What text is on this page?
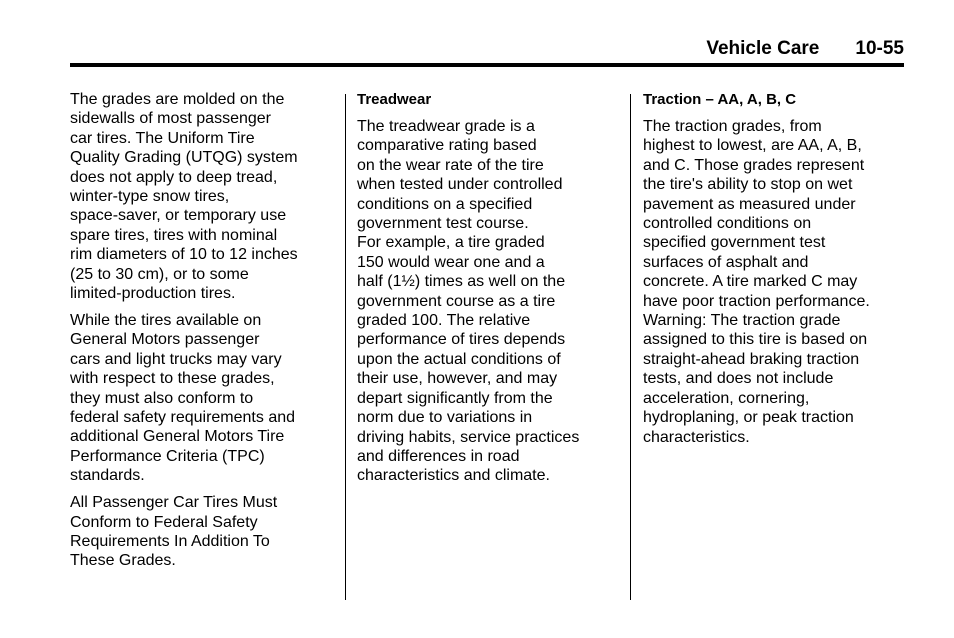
Vehicle Care 10-55

The grades are molded on the
sidewalls of most passenger
car tires. The Uniform Tire
Quality Grading (UTQG) system
does not apply to deep tread,
winter-type snow tires,
space-saver, or temporary use
spare tires, tires with nominal
rim diameters of 10 to 12 inches
(25 to 30 cm), or to some
limited-production tires.

While the tires available on
General Motors passenger
cars and light trucks may vary
with respect to these grades,
they must also conform to
federal safety requirements and
additional General Motors Tire
Performance Criteria (TPC)
standards.

All Passenger Car Tires Must
Conform to Federal Safety
Requirements In Addition To
These Grades.

Treadwear

The treadwear grade is a
comparative rating based
on the wear rate of the tire
when tested under controlled
conditions on a specified
government test course.
For example, a tire graded
150 would wear one and a
half (1½) times as well on the
government course as a tire
graded 100. The relative
performance of tires depends
upon the actual conditions of
their use, however, and may
depart significantly from the
norm due to variations in
driving habits, service practices
and differences in road
characteristics and climate.

Traction – AA, A, B, C

The traction grades, from
highest to lowest, are AA, A, B,
and C. Those grades represent
the tire's ability to stop on wet
pavement as measured under
controlled conditions on
specified government test
surfaces of asphalt and
concrete. A tire marked C may
have poor traction performance.
Warning: The traction grade
assigned to this tire is based on
straight-ahead braking traction
tests, and does not include
acceleration, cornering,
hydroplaning, or peak traction
characteristics.
